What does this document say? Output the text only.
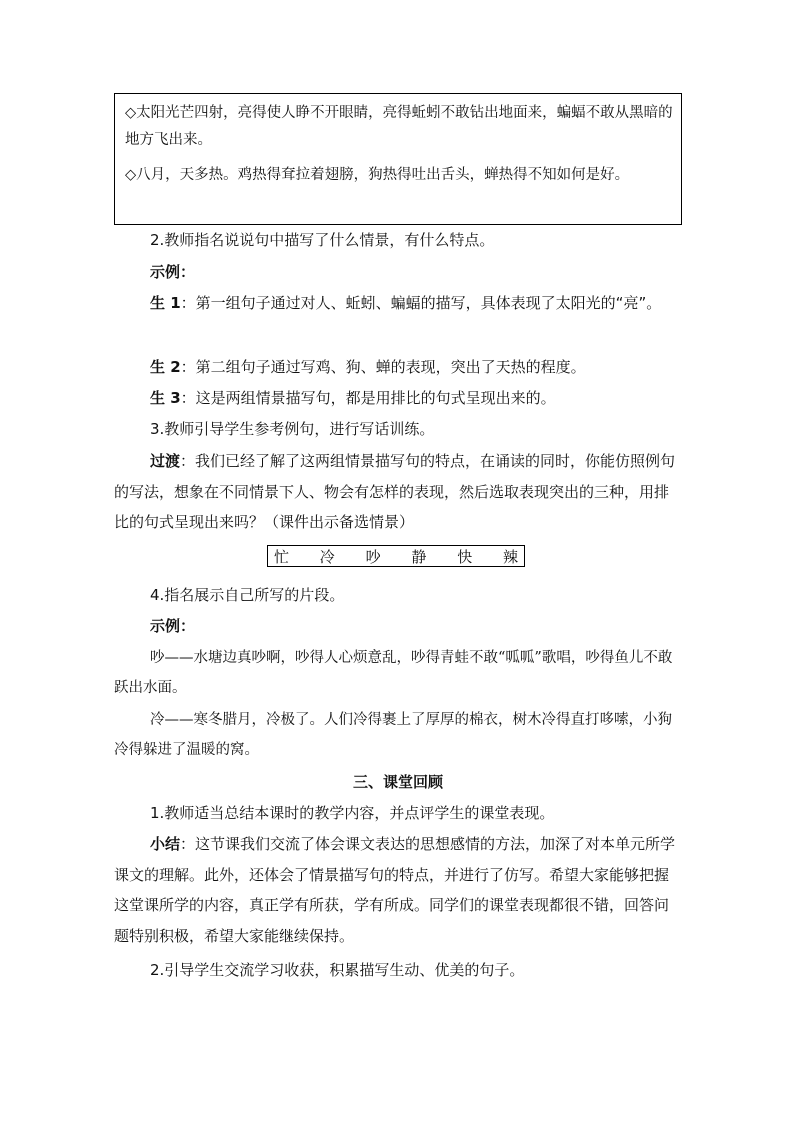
◇太阳光芒四射，亮得使人睁不开眼睛，亮得蚯蚓不敢钻出地面来，蝙蝠不敢从黑暗的地方飞出来。

◇八月，天多热。鸡热得耷拉着翅膀，狗热得吐出舌头，蝉热得不知如何是好。

2.教师指名说说句中描写了什么情景，有什么特点。
示例：
生 1：第一组句子通过对人、蚯蚓、蝙蝠的描写，具体表现了太阳光的“亮”。
生 2：第二组句子通过写鸡、狗、蝉的表现，突出了天热的程度。
生 3：这是两组情景描写句，都是用排比的句式呈现出来的。
3.教师引导学生参考例句，进行写话训练。
过渡：我们已经了解了这两组情景描写句的特点，在诵读的同时，你能仿照例句的写法，想象在不同情景下人、物会有怎样的表现，然后选取表现突出的三种，用排比的句式呈现出来吗？（课件出示备选情景）
忙 冷 吵 静 快 辣
4.指名展示自己所写的片段。
示例：
吵——水塘边真吵啊，吵得人心烦意乱，吵得青蛙不敢“呱呱”歌唱，吵得鱼儿不敢跃出水面。
冷——寒冬腊月，冷极了。人们冷得裹上了厚厚的棉衣，树木冷得直打哆嗦，小狗冷得躲进了温暖的窝。
三、课堂回顾
1.教师适当总结本课时的教学内容，并点评学生的课堂表现。
小结：这节课我们交流了体会课文表达的思想感情的方法，加深了对本单元所学课文的理解。此外，还体会了情景描写句的特点，并进行了仿写。希望大家能够把握这堂课所学的内容，真正学有所获，学有所成。同学们的课堂表现都很不错，回答问题特别积极，希望大家能继续保持。
2.引导学生交流学习收获，积累描写生动、优美的句子。
